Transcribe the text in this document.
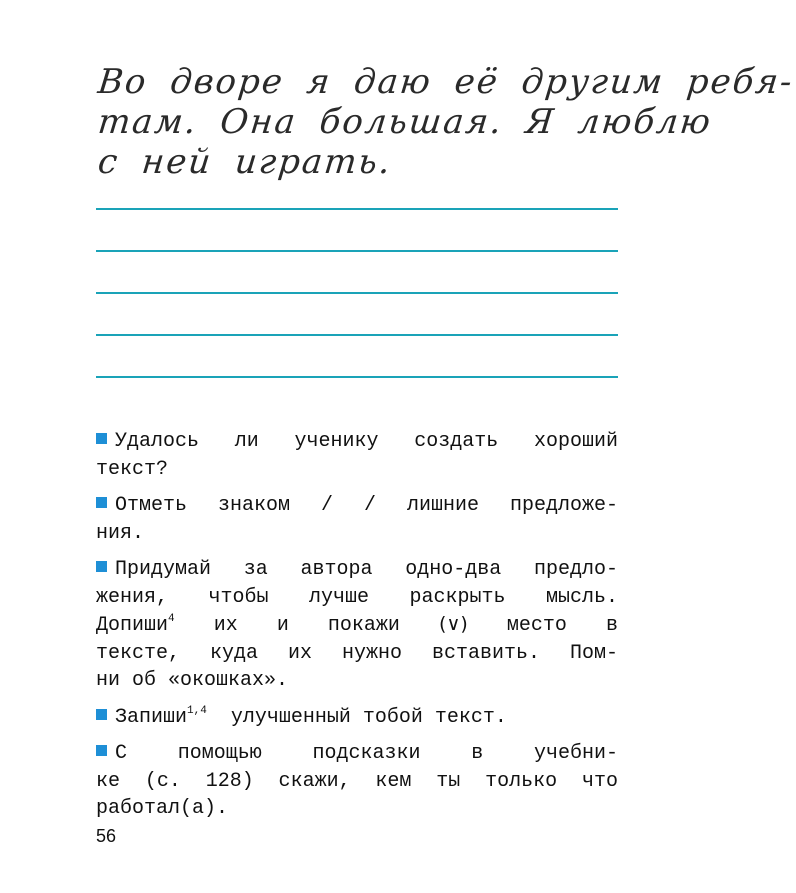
Во дворе я даю её другим ребя-
там. Она большая. Я люблю
с ней играть.
Удалось ли ученику создать хороший
текст?
Отметь знаком / / лишние предложе-
ния.
Придумай за автора одно-два предло-
жения, чтобы лучше раскрыть мысль.
Допиши$^4$ их и покажи (∨) место в
тексте, куда их нужно вставить. Пом-
ни об «окошках».
Запиши$^{1,4}$ улучшенный тобой текст.
С помощью подсказки в учебни-
ке (с. 128) скажи, кем ты только что
работал(а).
56
